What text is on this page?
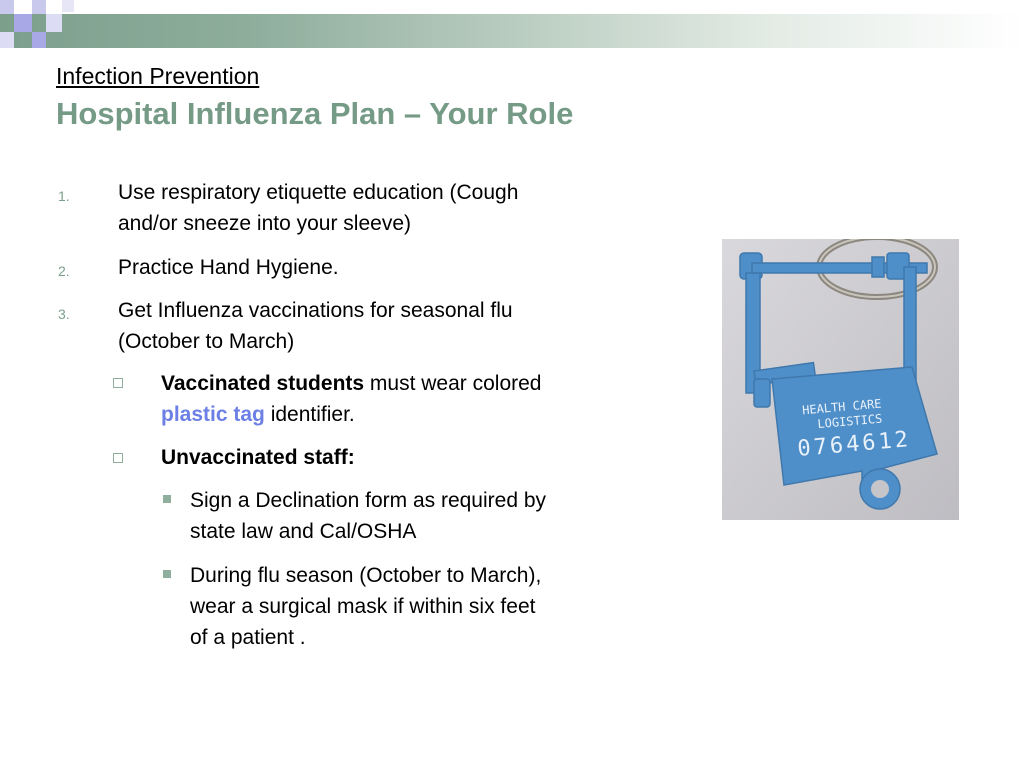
Infection Prevention
Hospital Influenza Plan – Your Role
1. Use respiratory etiquette education (Cough
and/or sneeze into your sleeve)
2. Practice Hand Hygiene.
3. Get Influenza vaccinations for seasonal flu
(October to March)
Vaccinated students must wear colored
plastic tag identifier.
Unvaccinated staff:
Sign a Declination form as required by
state law and Cal/OSHA
During flu season (October to March),
wear a surgical mask if within six feet
of a patient .
HEALTH CARE
LOGISTICS
0764612
